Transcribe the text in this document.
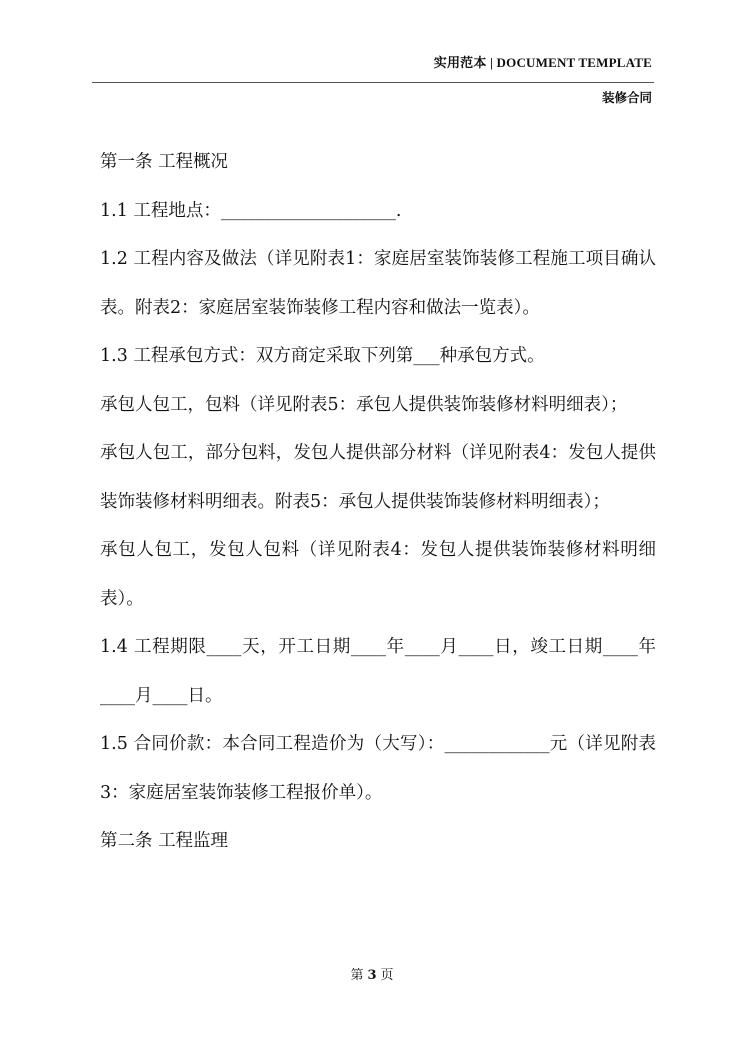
实用范本 | DOCUMENT TEMPLATE
装修合同

第一条 工程概况

1.1 工程地点：____________________.

1.2 工程内容及做法（详见附表1：家庭居室装饰装修工程施工项目确认表。附表2：家庭居室装饰装修工程内容和做法一览表）。

1.3 工程承包方式：双方商定采取下列第___种承包方式。

承包人包工，包料（详见附表5：承包人提供装饰装修材料明细表）；

承包人包工，部分包料，发包人提供部分材料（详见附表4：发包人提供装饰装修材料明细表。附表5：承包人提供装饰装修材料明细表）；

承包人包工，发包人包料（详见附表4：发包人提供装饰装修材料明细表）。

1.4 工程期限____天，开工日期____年____月____日，竣工日期____年____月____日。

1.5 合同价款：本合同工程造价为（大写）：____________元（详见附表3：家庭居室装饰装修工程报价单）。

第二条 工程监理

第 3 页
